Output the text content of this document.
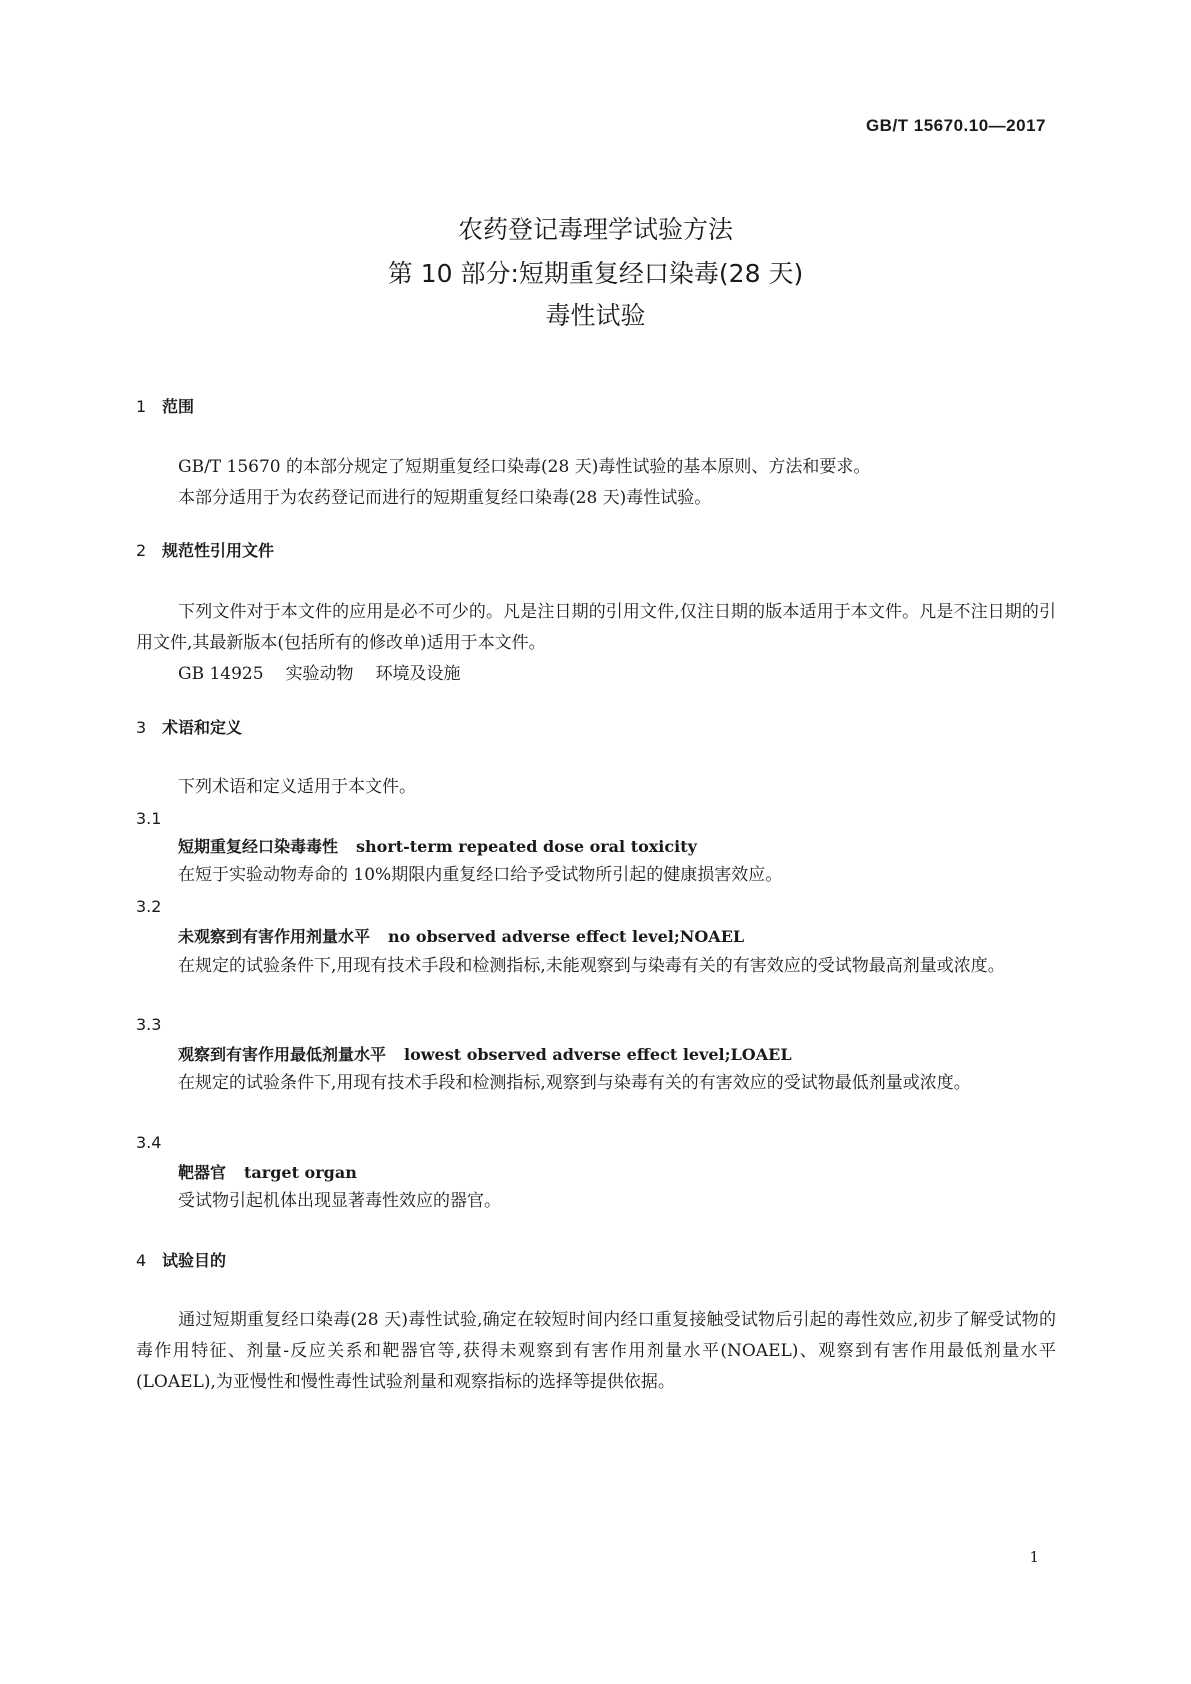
GB/T 15670.10—2017
农药登记毒理学试验方法
第 10 部分:短期重复经口染毒(28 天)
毒性试验
1 范围
GB/T 15670 的本部分规定了短期重复经口染毒(28 天)毒性试验的基本原则、方法和要求。
本部分适用于为农药登记而进行的短期重复经口染毒(28 天)毒性试验。
2 规范性引用文件
下列文件对于本文件的应用是必不可少的。凡是注日期的引用文件,仅注日期的版本适用于本文件。凡是不注日期的引用文件,其最新版本(包括所有的修改单)适用于本文件。
GB 14925 实验动物 环境及设施
3 术语和定义
下列术语和定义适用于本文件。
3.1
短期重复经口染毒毒性 short-term repeated dose oral toxicity
在短于实验动物寿命的 10%期限内重复经口给予受试物所引起的健康损害效应。
3.2
未观察到有害作用剂量水平 no observed adverse effect level;NOAEL
在规定的试验条件下,用现有技术手段和检测指标,未能观察到与染毒有关的有害效应的受试物最高剂量或浓度。
3.3
观察到有害作用最低剂量水平 lowest observed adverse effect level;LOAEL
在规定的试验条件下,用现有技术手段和检测指标,观察到与染毒有关的有害效应的受试物最低剂量或浓度。
3.4
靶器官 target organ
受试物引起机体出现显著毒性效应的器官。
4 试验目的
通过短期重复经口染毒(28 天)毒性试验,确定在较短时间内经口重复接触受试物后引起的毒性效应,初步了解受试物的毒作用特征、剂量-反应关系和靶器官等,获得未观察到有害作用剂量水平(NOAEL)、观察到有害作用最低剂量水平(LOAEL),为亚慢性和慢性毒性试验剂量和观察指标的选择等提供依据。
1
